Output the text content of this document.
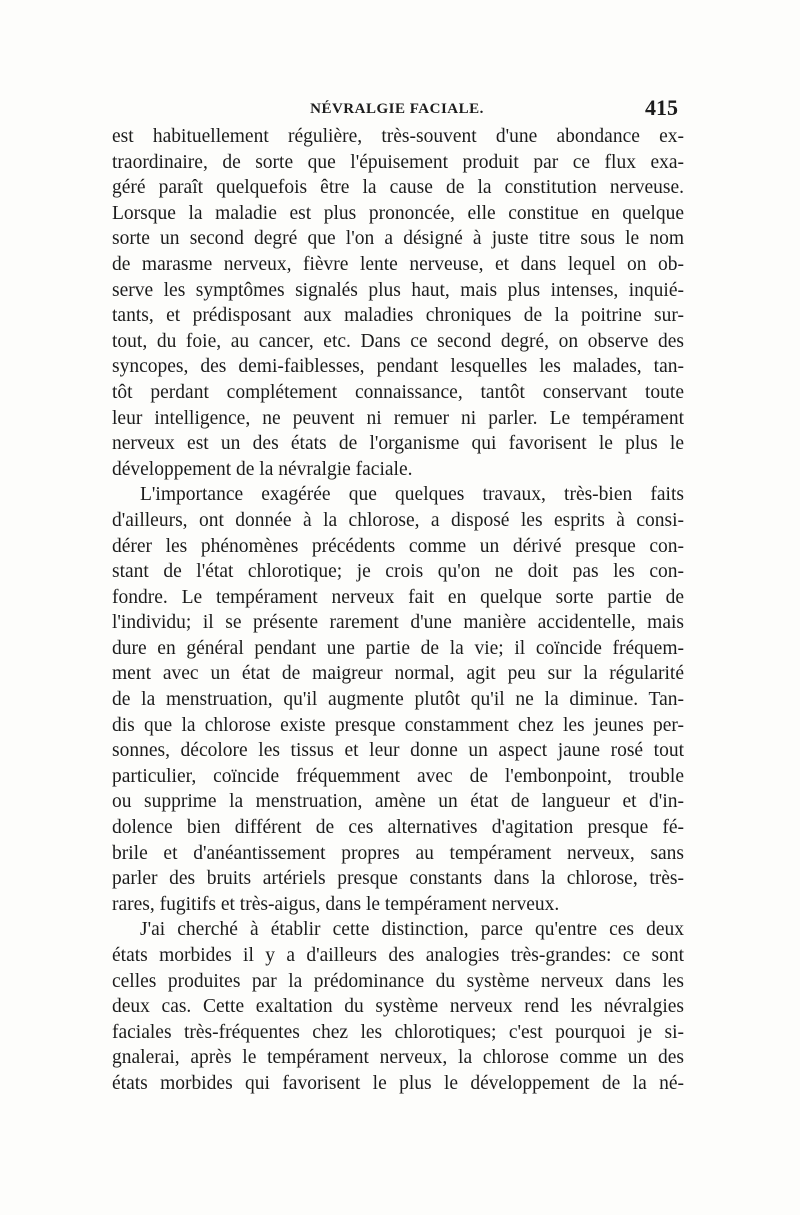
NÉVRALGIE FACIALE.	415
est habituellement régulière, très-souvent d'une abondance ex-
traordinaire, de sorte que l'épuisement produit par ce flux exa-
géré paraît quelquefois être la cause de la constitution nerveuse.
Lorsque la maladie est plus prononcée, elle constitue en quelque
sorte un second degré que l'on a désigné à juste titre sous le nom
de marasme nerveux, fièvre lente nerveuse, et dans lequel on ob-
serve les symptômes signalés plus haut, mais plus intenses, inquié-
tants, et prédisposant aux maladies chroniques de la poitrine sur-
tout, du foie, au cancer, etc. Dans ce second degré, on observe des
syncopes, des demi-faiblesses, pendant lesquelles les malades, tan-
tôt perdant complétement connaissance, tantôt conservant toute
leur intelligence, ne peuvent ni remuer ni parler. Le tempérament
nerveux est un des états de l'organisme qui favorisent le plus le
développement de la névralgie faciale.
L'importance exagérée que quelques travaux, très-bien faits
d'ailleurs, ont donnée à la chlorose, a disposé les esprits à consi-
dérer les phénomènes précédents comme un dérivé presque con-
stant de l'état chlorotique; je crois qu'on ne doit pas les con-
fondre. Le tempérament nerveux fait en quelque sorte partie de
l'individu; il se présente rarement d'une manière accidentelle, mais
dure en général pendant une partie de la vie; il coïncide fréquem-
ment avec un état de maigreur normal, agit peu sur la régularité
de la menstruation, qu'il augmente plutôt qu'il ne la diminue. Tan-
dis que la chlorose existe presque constamment chez les jeunes per-
sonnes, décolore les tissus et leur donne un aspect jaune rosé tout
particulier, coïncide fréquemment avec de l'embonpoint, trouble
ou supprime la menstruation, amène un état de langueur et d'in-
dolence bien différent de ces alternatives d'agitation presque fé-
brile et d'anéantissement propres au tempérament nerveux, sans
parler des bruits artériels presque constants dans la chlorose, très-
rares, fugitifs et très-aigus, dans le tempérament nerveux.
J'ai cherché à établir cette distinction, parce qu'entre ces deux
états morbides il y a d'ailleurs des analogies très-grandes: ce sont
celles produites par la prédominance du système nerveux dans les
deux cas. Cette exaltation du système nerveux rend les névralgies
faciales très-fréquentes chez les chlorotiques; c'est pourquoi je si-
gnalerai, après le tempérament nerveux, la chlorose comme un des
états morbides qui favorisent le plus le développement de la né-
